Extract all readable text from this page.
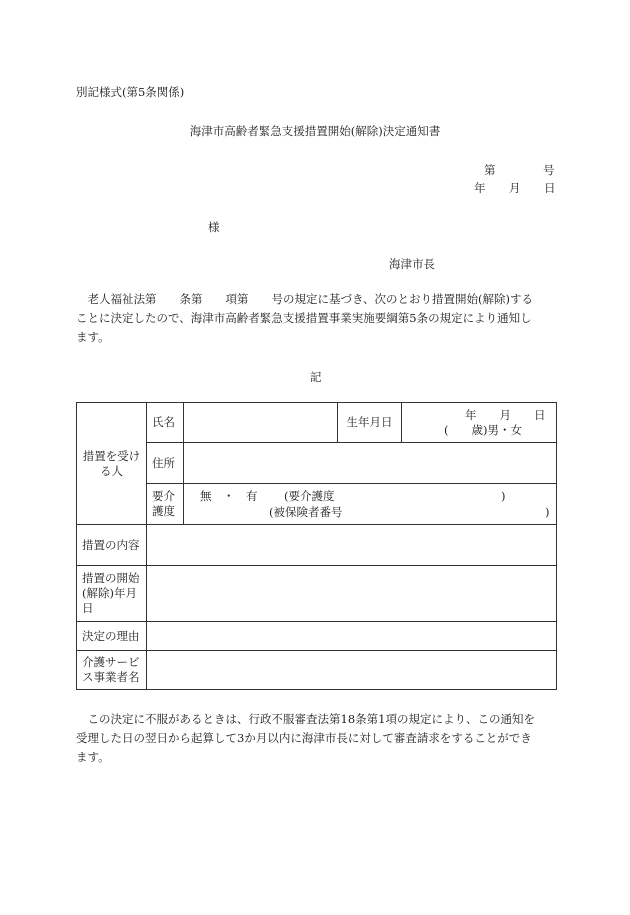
別記様式(第5条関係)
海津市高齢者緊急支援措置開始(解除)決定通知書
第	号
年 月 日
様
海津市長
老人福祉法第　　条第　　項第　　号の規定に基づき、次のとおり措置開始(解除)する
ことに決定したので、海津市高齢者緊急支援措置事業実施要綱第5条の規定により通知し
ます。
記
措置を受け
る人	氏名		生年月日	年　　月　　日
(　　歳)男・女

	住所			

	要介
護度	無　・　有 (要介護度 )
(被保険者番号 )		

措置の内容				

措置の開始
(解除)年月
日				

決定の理由				

介護サービ
ス事業者名				

この決定に不服があるときは、行政不服審査法第18条第1項の規定により、この通知を
受理した日の翌日から起算して3か月以内に海津市長に対して審査請求をすることができ
ます。
